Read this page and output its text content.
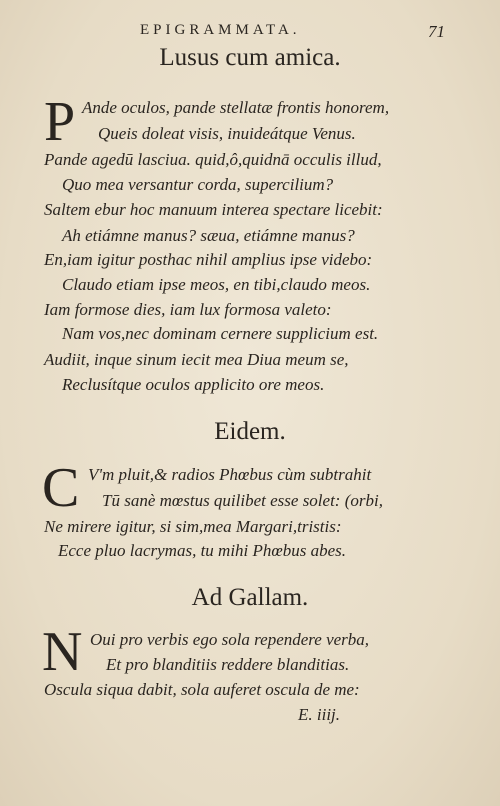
EPIGRAMMATA.	71
Lusus cum amica.
P Ande oculos, pande stellatæ frontis honorem,
Queis doleat visis, inuideátque Venus.
Pande agedū lasciua. quid,ô,quidnā occulis illud,
Quo mea versantur corda, supercilium?
Saltem ebur hoc manuum interea spectare licebit:
Ah etiámne manus? sæua, etiámne manus?
En,iam igitur posthac nihil amplius ipse videbo:
Claudo etiam ipse meos, en tibi,claudo meos.
Iam formose dies, iam lux formosa valeto:
Nam vos,nec dominam cernere supplicium est.
Audiit, inque sinum iecit mea Diua meum se,
Reclusítque oculos applicito ore meos.
Eidem.
C V'm pluit,& radios Phœbus cùm subtrahit
Tū sanè mœstus quilibet esse solet: (orbi,
Ne mirere igitur, si sim,mea Margari,tristis:
Ecce pluo lacrymas, tu mihi Phœbus abes.
Ad Gallam.
N Oui pro verbis ego sola rependere verba,
Et pro blanditiis reddere blanditias.
Oscula siqua dabit, sola auferet oscula de me:
E. iiij.
